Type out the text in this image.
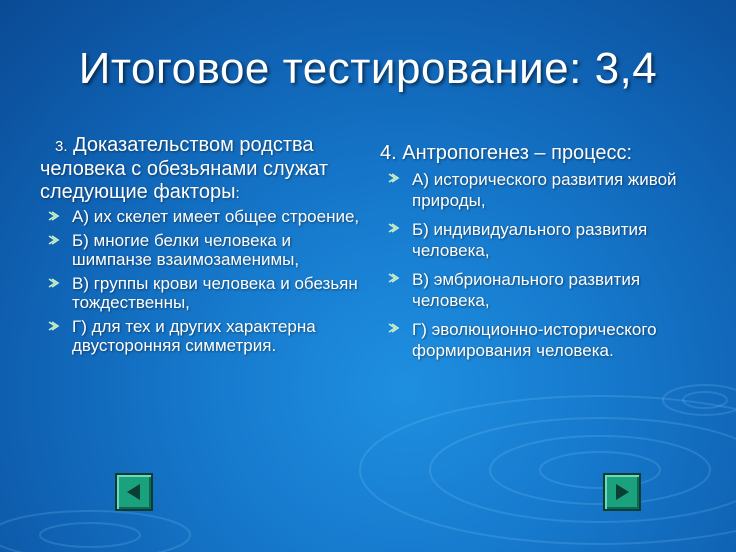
Итоговое тестирование: 3,4

3. Доказательством родства человека с обезьянами служат следующие факторы:

А) их скелет имеет общее строение,
Б) многие белки человека и шимпанзе взаимозаменимы,
В) группы крови человека и обезьян тождественны,
Г) для тех и других характерна двусторонняя симметрия.

4. Антропогенез – процесс:

А) исторического развития живой природы,
Б) индивидуального развития человека,
В) эмбрионального развития человека,
Г) эволюционно-исторического формирования человека.
